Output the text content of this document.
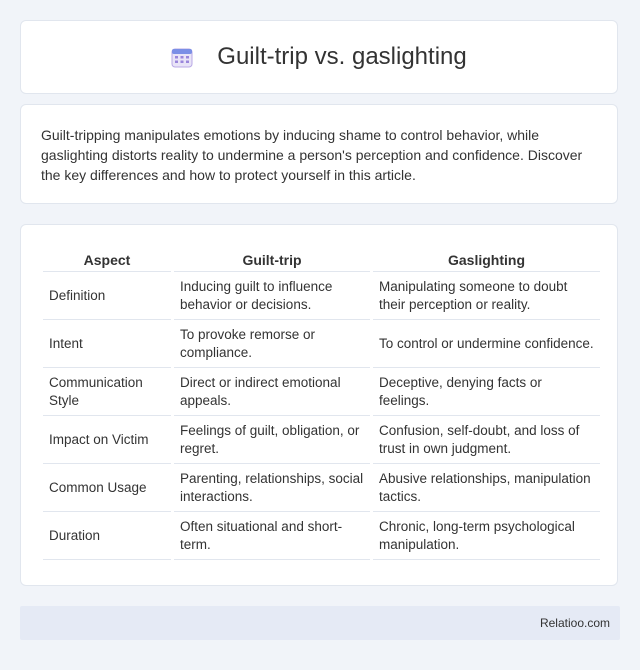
Guilt-trip vs. gaslighting

Guilt-tripping manipulates emotions by inducing shame to control behavior, while gaslighting distorts reality to undermine a person's perception and confidence. Discover the key differences and how to protect yourself in this article.

Aspect	Guilt-trip	Gaslighting
Definition	Inducing guilt to influence behavior or decisions.	Manipulating someone to doubt their perception or reality.
Intent	To provoke remorse or compliance.	To control or undermine confidence.
Communication Style	Direct or indirect emotional appeals.	Deceptive, denying facts or feelings.
Impact on Victim	Feelings of guilt, obligation, or regret.	Confusion, self-doubt, and loss of trust in own judgment.
Common Usage	Parenting, relationships, social interactions.	Abusive relationships, manipulation tactics.
Duration	Often situational and short-term.	Chronic, long-term psychological manipulation.
Relatioo.com
